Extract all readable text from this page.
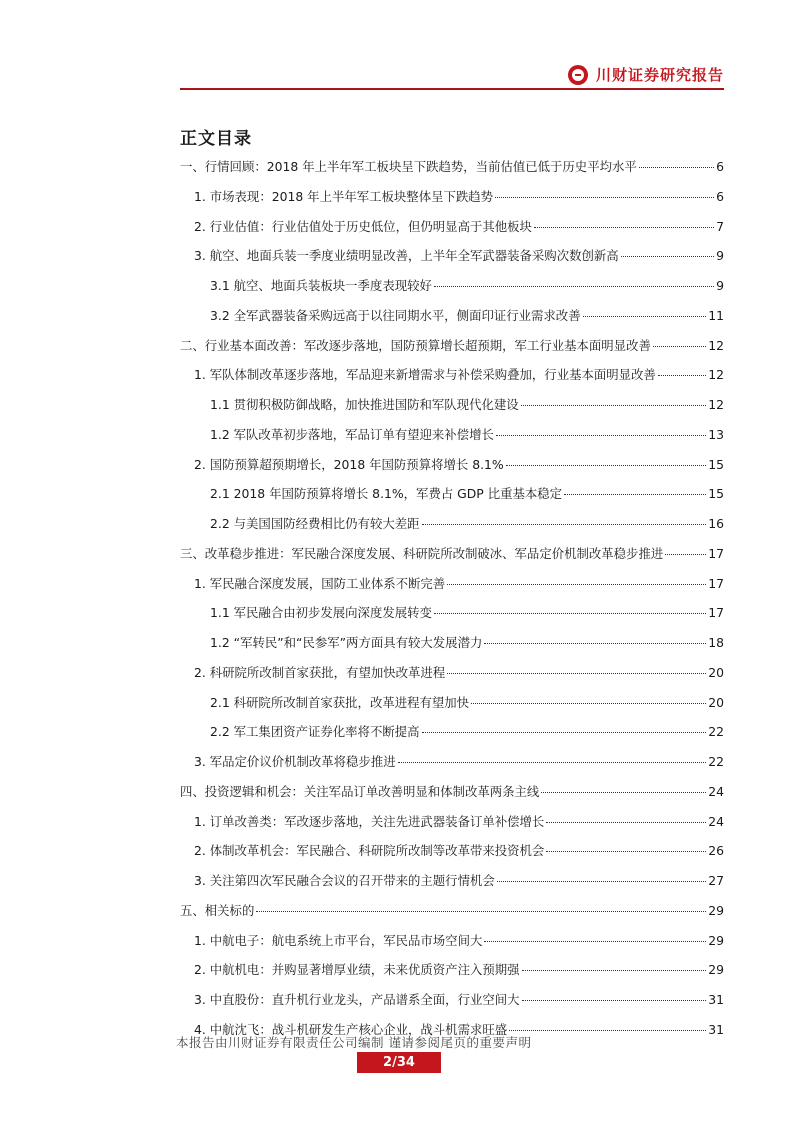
川财证券研究报告
正文目录
一、行情回顾：2018 年上半年军工板块呈下跌趋势，当前估值已低于历史平均水平	6
1. 市场表现：2018 年上半年军工板块整体呈下跌趋势	6
2. 行业估值：行业估值处于历史低位，但仍明显高于其他板块	7
3. 航空、地面兵装一季度业绩明显改善，上半年全军武器装备采购次数创新高	9
3.1 航空、地面兵装板块一季度表现较好	9
3.2 全军武器装备采购远高于以往同期水平，侧面印证行业需求改善	11
二、行业基本面改善：军改逐步落地，国防预算增长超预期，军工行业基本面明显改善	12
1. 军队体制改革逐步落地，军品迎来新增需求与补偿采购叠加，行业基本面明显改善	12
1.1 贯彻积极防御战略，加快推进国防和军队现代化建设	12
1.2 军队改革初步落地，军品订单有望迎来补偿增长	13
2. 国防预算超预期增长，2018 年国防预算将增长 8.1%	15
2.1 2018 年国防预算将增长 8.1%，军费占 GDP 比重基本稳定	15
2.2 与美国国防经费相比仍有较大差距	16
三、改革稳步推进：军民融合深度发展、科研院所改制破冰、军品定价机制改革稳步推进	17
1. 军民融合深度发展，国防工业体系不断完善	17
1.1 军民融合由初步发展向深度发展转变	17
1.2 “军转民”和“民参军”两方面具有较大发展潜力	18
2. 科研院所改制首家获批，有望加快改革进程	20
2.1 科研院所改制首家获批，改革进程有望加快	20
2.2 军工集团资产证券化率将不断提高	22
3. 军品定价议价机制改革将稳步推进	22
四、投资逻辑和机会：关注军品订单改善明显和体制改革两条主线	24
1. 订单改善类：军改逐步落地，关注先进武器装备订单补偿增长	24
2. 体制改革机会：军民融合、科研院所改制等改革带来投资机会	26
3. 关注第四次军民融合会议的召开带来的主题行情机会	27
五、相关标的	29
1. 中航电子：航电系统上市平台，军民品市场空间大	29
2. 中航机电：并购显著增厚业绩，未来优质资产注入预期强	29
3. 中直股份：直升机行业龙头，产品谱系全面，行业空间大	31
4. 中航沈飞：战斗机研发生产核心企业，战斗机需求旺盛	31
本报告由川财证券有限责任公司编制 谨请参阅尾页的重要声明
2/34
